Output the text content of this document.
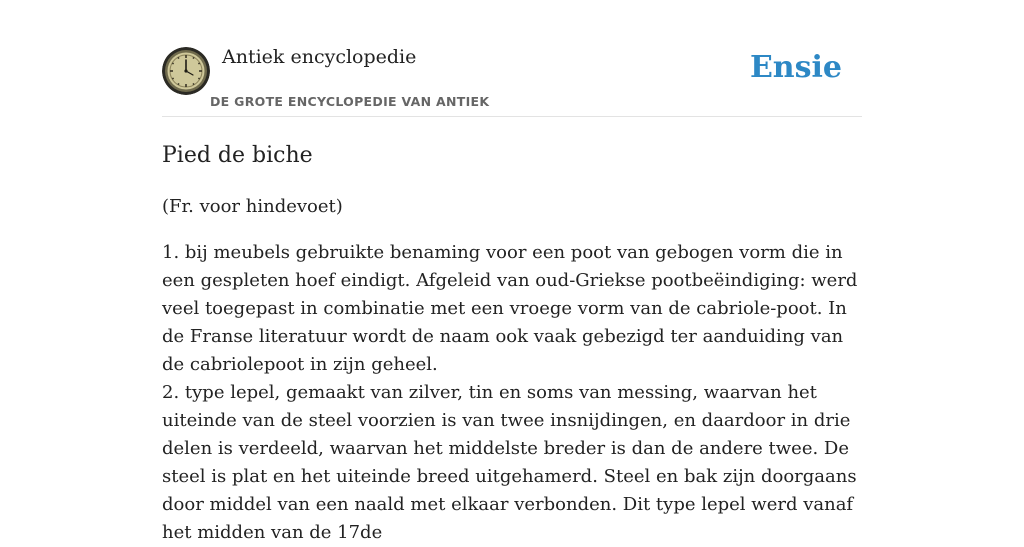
Antiek encyclopedie
DE GROTE ENCYCLOPEDIE VAN ANTIEK
Ensie
Pied de biche
(Fr. voor hindevoet)

1. bij meubels gebruikte benaming voor een poot van gebogen vorm die in een gespleten hoef eindigt. Afgeleid van oud-Griekse pootbeëindiging: werd veel toegepast in combinatie met een vroege vorm van de cabriole-poot. In de Franse literatuur wordt de naam ook vaak gebezigd ter aanduiding van de cabriolepoot in zijn geheel.

2. type lepel, gemaakt van zilver, tin en soms van messing, waarvan het uiteinde van de steel voorzien is van twee insnijdingen, en daardoor in drie delen is verdeeld, waarvan het middelste breder is dan de andere twee. De steel is plat en het uiteinde breed uitgehamerd. Steel en bak zijn doorgaans door middel van een naald met elkaar verbonden. Dit type lepel werd vanaf het midden van de 17de
